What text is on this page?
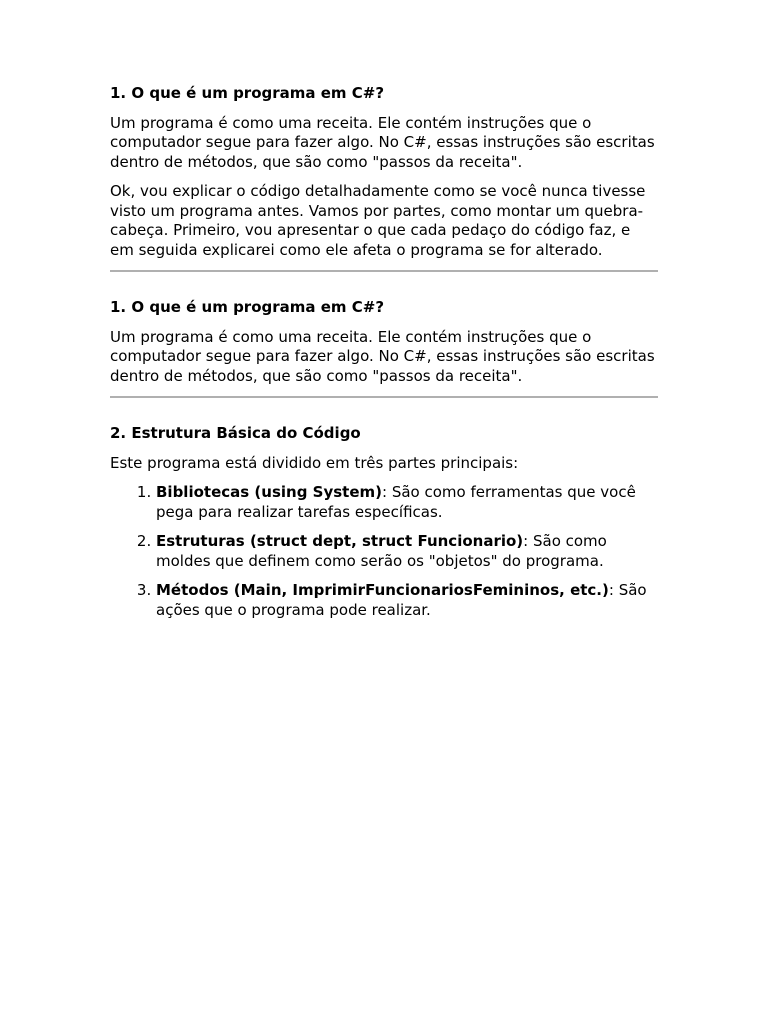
1. O que é um programa em C#?

Um programa é como uma receita. Ele contém instruções que o computador segue para fazer algo. No C#, essas instruções são escritas dentro de métodos, que são como "passos da receita".

Ok, vou explicar o código detalhadamente como se você nunca tivesse visto um programa antes. Vamos por partes, como montar um quebra-cabeça. Primeiro, vou apresentar o que cada pedaço do código faz, e em seguida explicarei como ele afeta o programa se for alterado.

1. O que é um programa em C#?

Um programa é como uma receita. Ele contém instruções que o computador segue para fazer algo. No C#, essas instruções são escritas dentro de métodos, que são como "passos da receita".

2. Estrutura Básica do Código

Este programa está dividido em três partes principais:

1. Bibliotecas (using System): São como ferramentas que você pega para realizar tarefas específicas.
2. Estruturas (struct dept, struct Funcionario): São como moldes que definem como serão os "objetos" do programa.
3. Métodos (Main, ImprimirFuncionariosFemininos, etc.): São ações que o programa pode realizar.
